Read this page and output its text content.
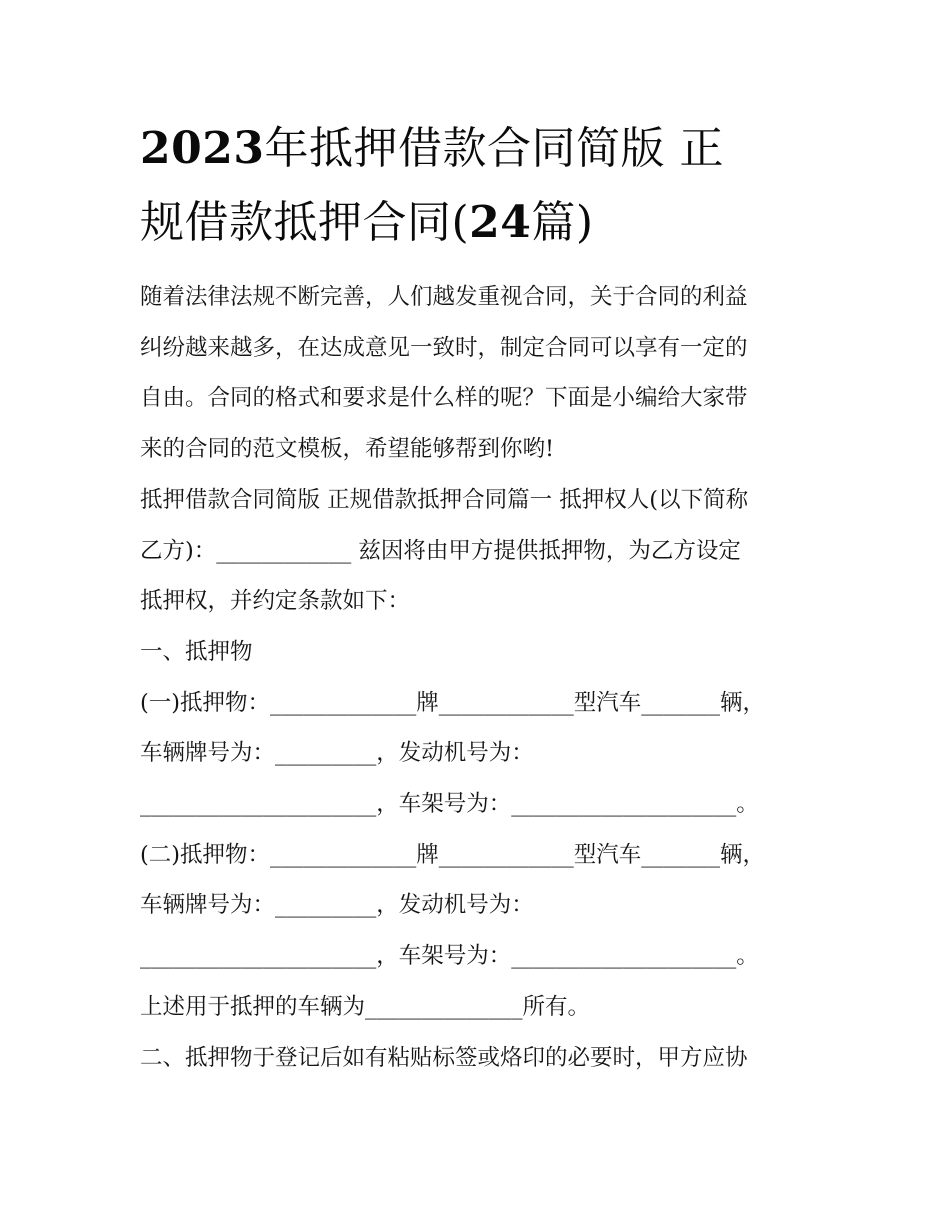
2023年抵押借款合同简版 正
规借款抵押合同(24篇)
随着法律法规不断完善，人们越发重视合同，关于合同的利益
纠纷越来越多，在达成意见一致时，制定合同可以享有一定的
自由。合同的格式和要求是什么样的呢？下面是小编给大家带
来的合同的范文模板，希望能够帮到你哟!
抵押借款合同简版 正规借款抵押合同篇一 抵押权人(以下简称
乙方)：____________ 兹因将由甲方提供抵押物，为乙方设定
抵押权，并约定条款如下：
一、抵押物
(一)抵押物：_____________牌____________型汽车_______辆，
车辆牌号为：_________，发动机号为：
_____________________，车架号为：____________________。
(二)抵押物：_____________牌____________型汽车_______辆，
车辆牌号为：_________，发动机号为：
_____________________，车架号为：____________________。
上述用于抵押的车辆为______________所有。
二、抵押物于登记后如有粘贴标签或烙印的必要时，甲方应协
